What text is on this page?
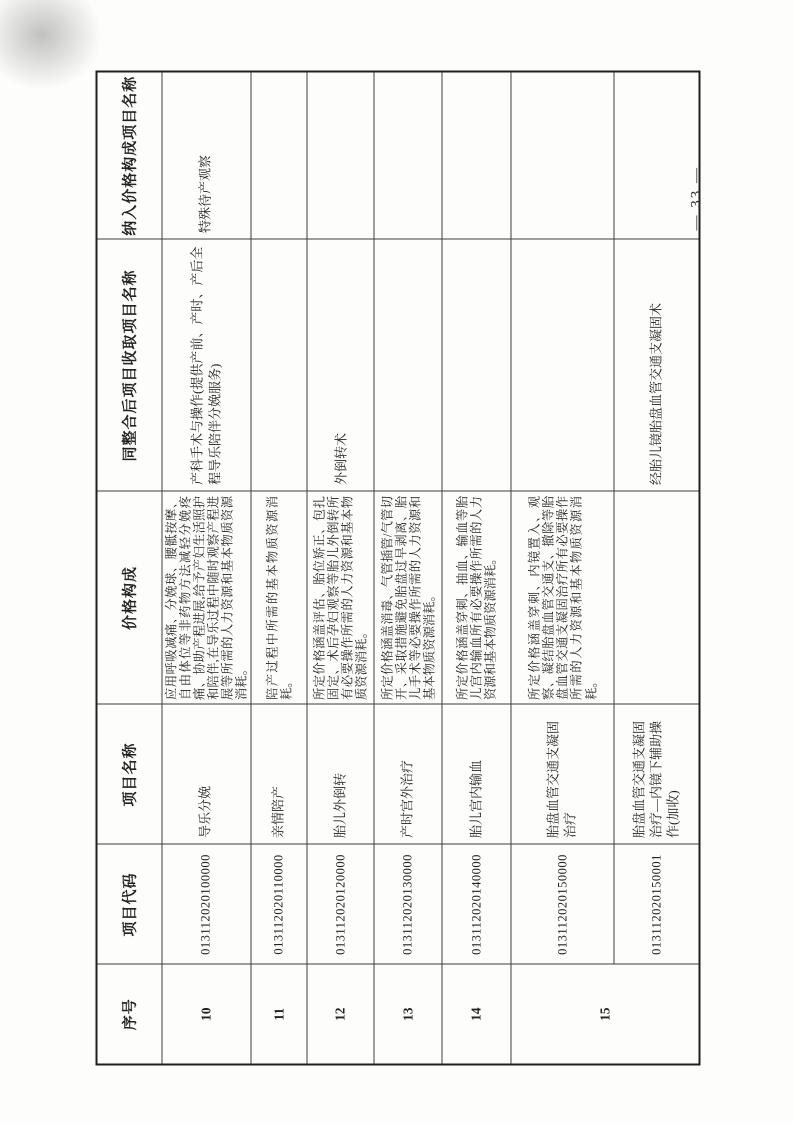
序号	项目代码	项目名称	价格构成	同整合后项目收取项目名称	纳入价格构成项目名称
10	013112020100000	导乐分娩	应用呼吸减痛、分娩球、腰骶按摩、自由体位等非药物方法减轻分娩疼痛、协助产程进展,给予产妇生活照护和陪伴,在导乐过程中随时观察产程进展等所需的人力资源和基本物质资源消耗。	产科手术与操作(提供产前、产时、产后全程导乐陪伴分娩服务)	特殊待产观察
11	013112020110000	亲情陪产	陪产过程中所需的基本物质资源消耗。		
12	013112020120000	胎儿外倒转	所定价格涵盖评估、胎位矫正、包扎固定、术后孕妇观察等胎儿外倒转所有必要操作所需的人力资源和基本物质资源消耗。	外倒转术	
13	013112020130000	产时宫外治疗	所定价格涵盖消毒、气管插管/气管切开、采取措施避免胎盘过早剥离、胎儿手术等必要操作所需的人力资源和基本物质资源消耗。		
14	013112020140000	胎儿宫内输血	所定价格涵盖穿刺、抽血、输血等胎儿宫内输血所有必要操作所需的人力资源和基本物质资源消耗。		
15	013112020150000	胎盘血管交通支凝固治疗	所定价格涵盖穿刺、内镜置入、观察、凝结胎盘血管交通支、撤除等胎盘血管交通支凝固治疗所有必要操作所需的人力资源和基本物质资源消耗。		
	013112020150001	胎盘血管交通支凝固治疗—内镜下辅助操作(加收)		经胎儿镜胎盘血管交通支凝固术	
— 33 —
